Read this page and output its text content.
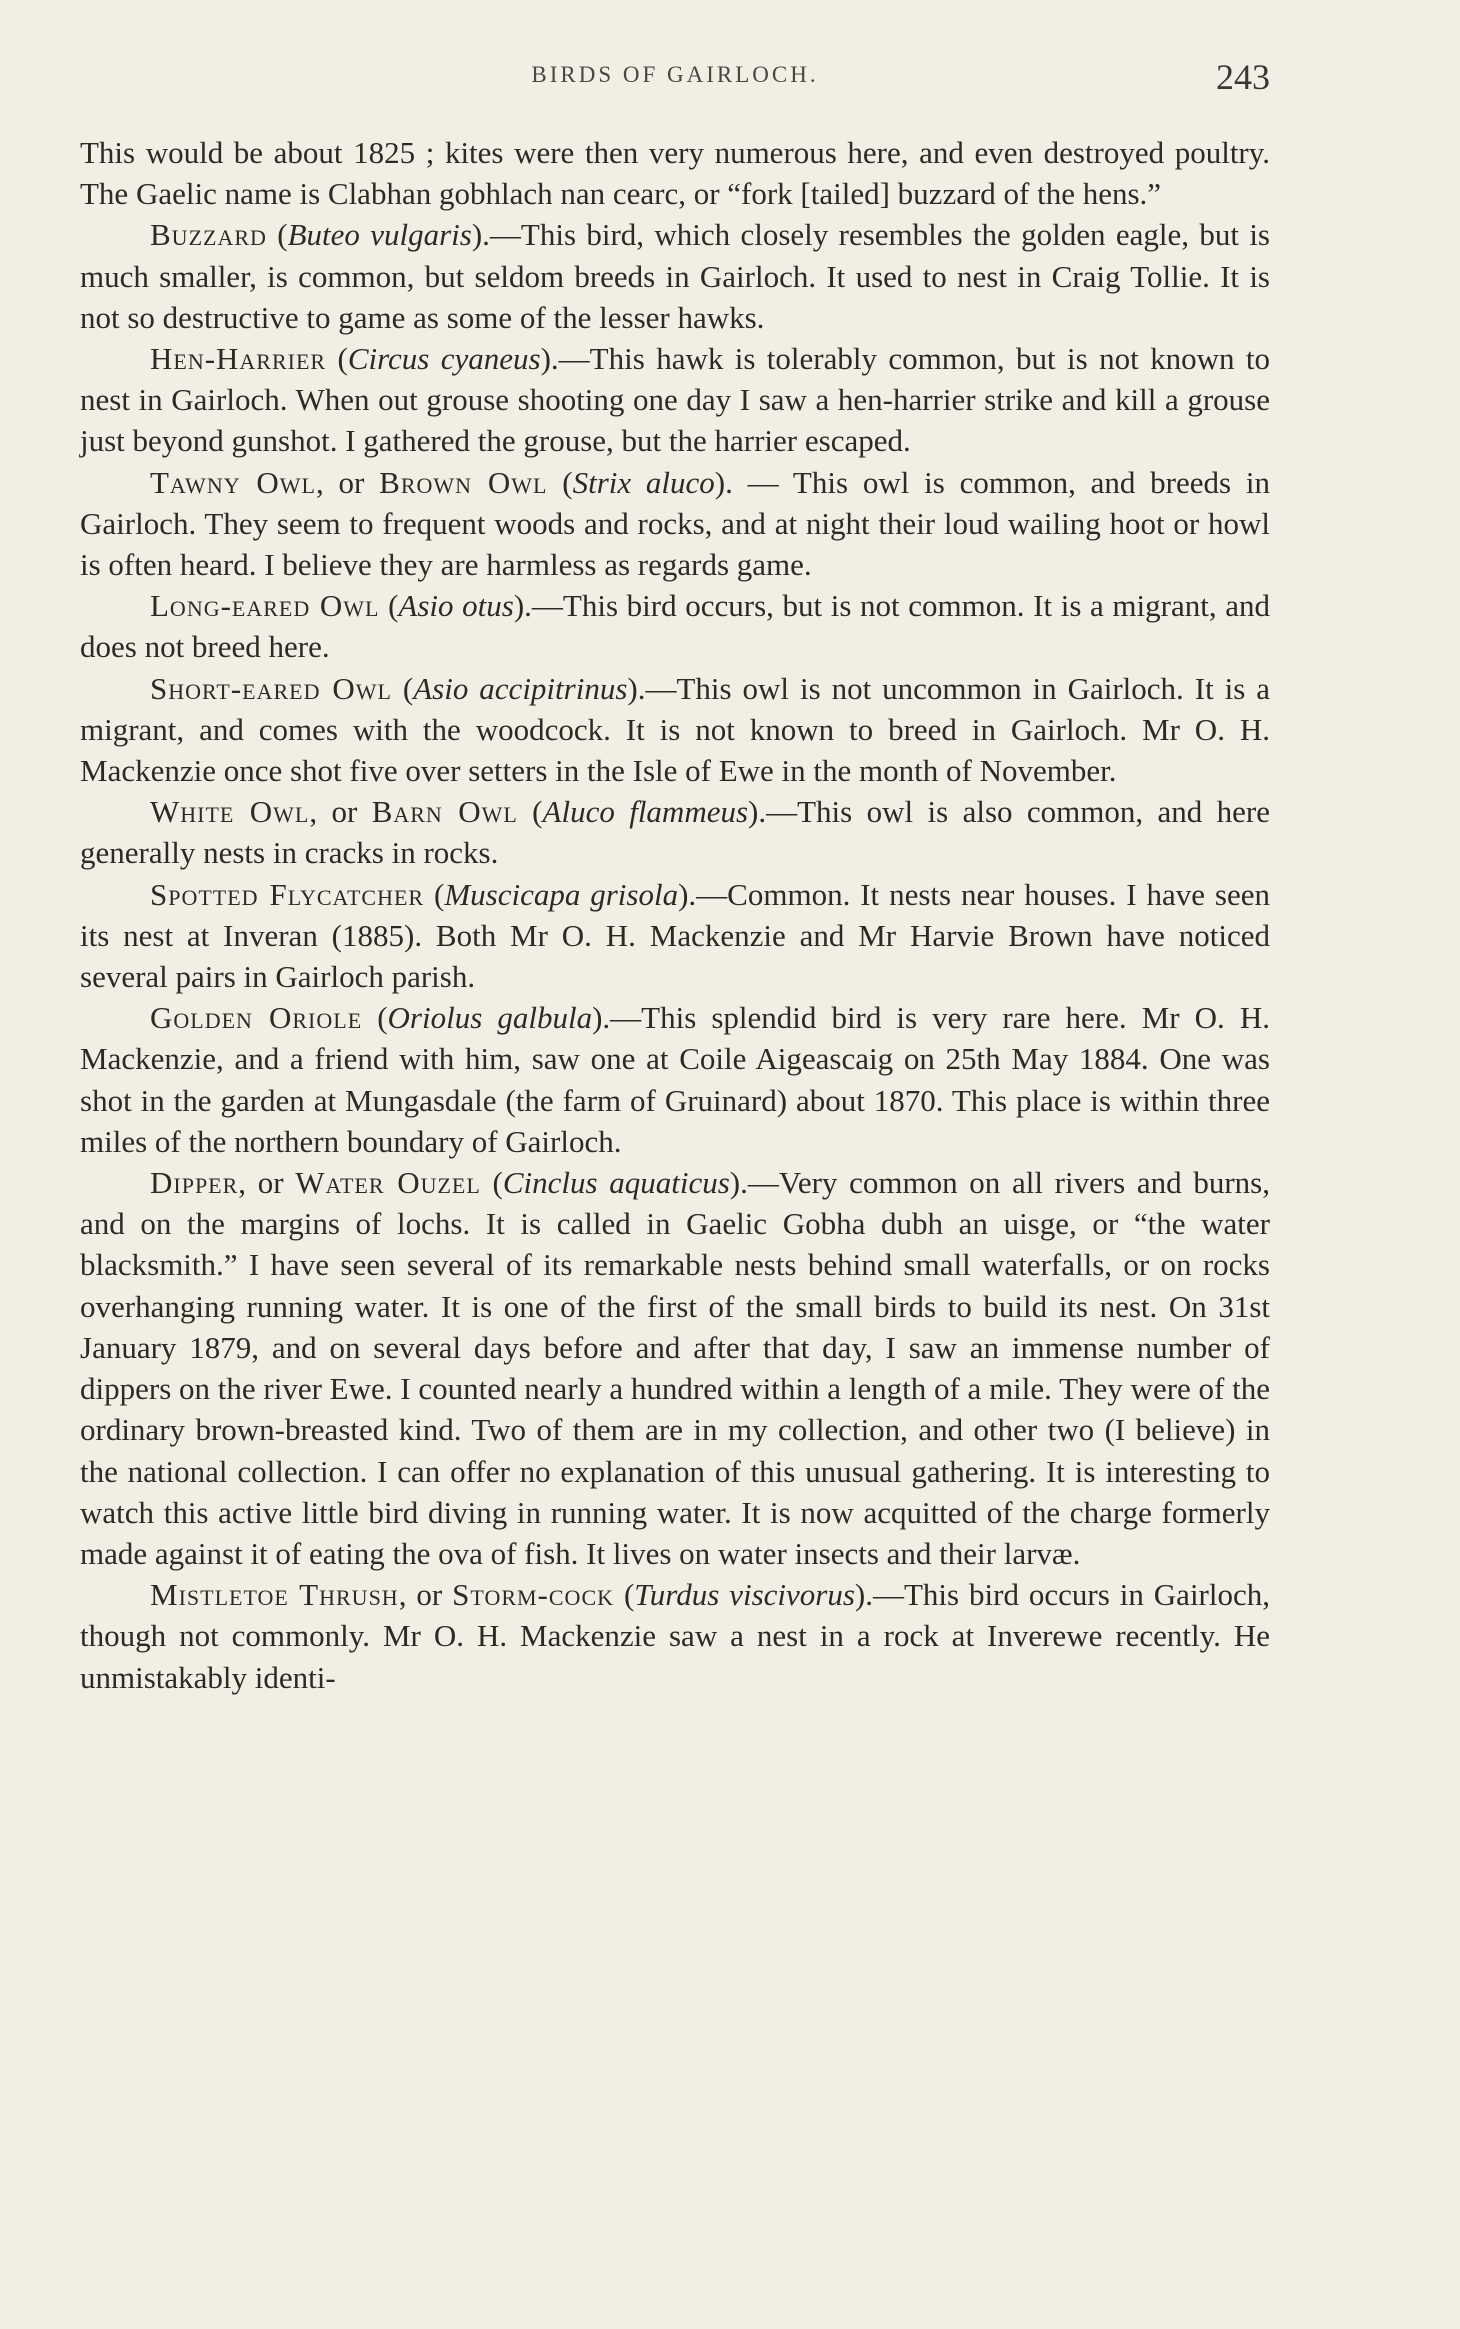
BIRDS OF GAIRLOCH.	243

This would be about 1825 ; kites were then very numerous here, and even destroyed poultry. The Gaelic name is Clabhan gobhlach nan cearc, or “fork [tailed] buzzard of the hens.”

Buzzard (Buteo vulgaris).—This bird, which closely resembles the golden eagle, but is much smaller, is common, but seldom breeds in Gairloch. It used to nest in Craig Tollie. It is not so destructive to game as some of the lesser hawks.

Hen-Harrier (Circus cyaneus).—This hawk is tolerably common, but is not known to nest in Gairloch. When out grouse shooting one day I saw a hen-harrier strike and kill a grouse just beyond gunshot. I gathered the grouse, but the harrier escaped.

Tawny Owl, or Brown Owl (Strix aluco). — This owl is common, and breeds in Gairloch. They seem to frequent woods and rocks, and at night their loud wailing hoot or howl is often heard. I believe they are harmless as regards game.

Long-eared Owl (Asio otus).—This bird occurs, but is not common. It is a migrant, and does not breed here.

Short-eared Owl (Asio accipitrinus).—This owl is not uncommon in Gairloch. It is a migrant, and comes with the woodcock. It is not known to breed in Gairloch. Mr O. H. Mackenzie once shot five over setters in the Isle of Ewe in the month of November.

White Owl, or Barn Owl (Aluco flammeus).—This owl is also common, and here generally nests in cracks in rocks.

Spotted Flycatcher (Muscicapa grisola).—Common. It nests near houses. I have seen its nest at Inveran (1885). Both Mr O. H. Mackenzie and Mr Harvie Brown have noticed several pairs in Gairloch parish.

Golden Oriole (Oriolus galbula).—This splendid bird is very rare here. Mr O. H. Mackenzie, and a friend with him, saw one at Coile Aigeascaig on 25th May 1884. One was shot in the garden at Mungasdale (the farm of Gruinard) about 1870. This place is within three miles of the northern boundary of Gairloch.

Dipper, or Water Ouzel (Cinclus aquaticus).—Very common on all rivers and burns, and on the margins of lochs. It is called in Gaelic Gobha dubh an uisge, or “the water blacksmith.” I have seen several of its remarkable nests behind small waterfalls, or on rocks overhanging running water. It is one of the first of the small birds to build its nest. On 31st January 1879, and on several days before and after that day, I saw an immense number of dippers on the river Ewe. I counted nearly a hundred within a length of a mile. They were of the ordinary brown-breasted kind. Two of them are in my collection, and other two (I believe) in the national collection. I can offer no explanation of this unusual gathering. It is interesting to watch this active little bird diving in running water. It is now acquitted of the charge formerly made against it of eating the ova of fish. It lives on water insects and their larvæ.

Mistletoe Thrush, or Storm-cock (Turdus viscivorus).—This bird occurs in Gairloch, though not commonly. Mr O. H. Mackenzie saw a nest in a rock at Inverewe recently. He unmistakably identi-
